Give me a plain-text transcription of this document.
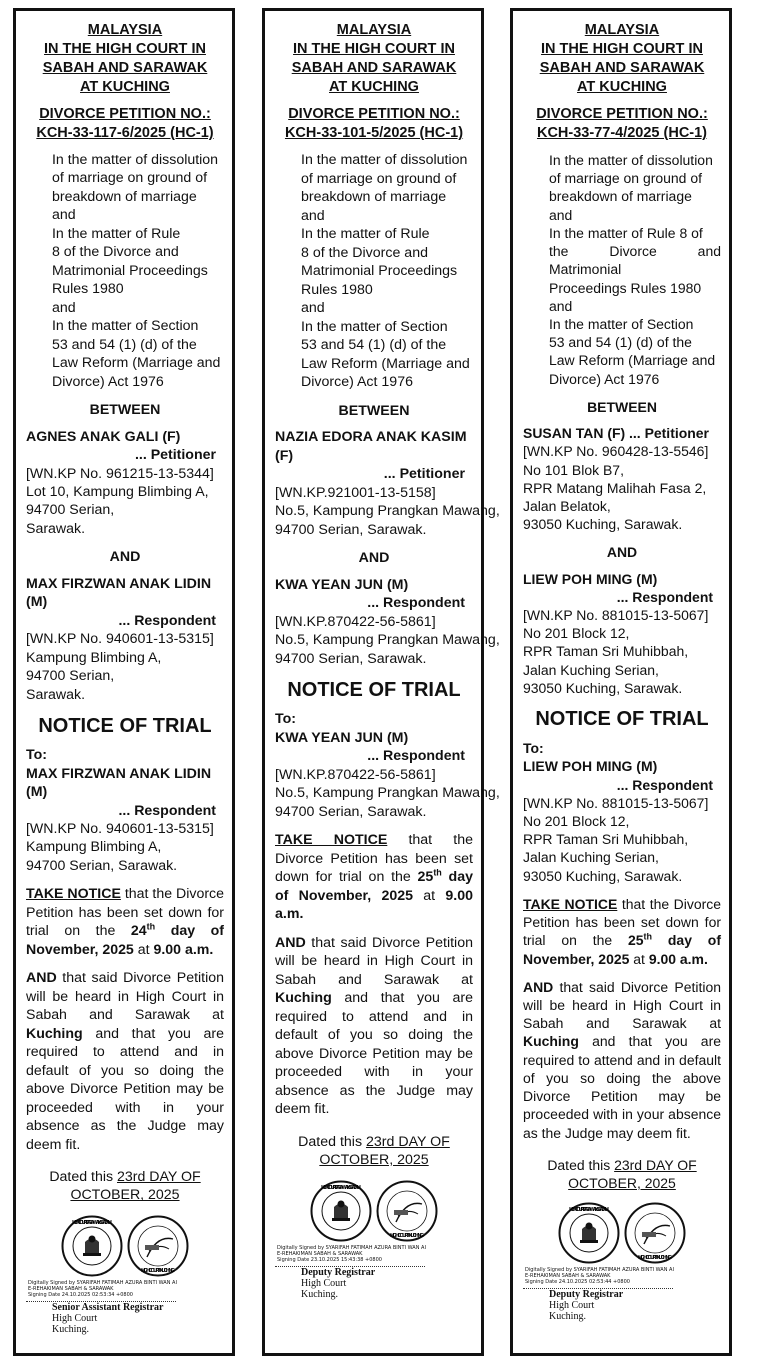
MALAYSIA
IN THE HIGH COURT IN
SABAH AND SARAWAK
AT KUCHING
DIVORCE PETITION NO.:
KCH-33-117-6/2025 (HC-1)
In the matter of dissolution
of marriage on ground of
breakdown of marriage
and
In the matter of Rule
8 of the Divorce and
Matrimonial Proceedings
Rules 1980
and
In the matter of Section
53 and 54 (1) (d) of the
Law Reform (Marriage and
Divorce) Act 1976
BETWEEN
AGNES ANAK GALI (F)
... Petitioner
[WN.KP No. 961215-13-5344]
Lot 10, Kampung Blimbing A,
94700 Serian,
Sarawak.
AND
MAX FIRZWAN ANAK LIDIN (M)
... Respondent
[WN.KP No. 940601-13-5315]
Kampung Blimbing A,
94700 Serian,
Sarawak.
NOTICE OF TRIAL
To:
MAX FIRZWAN ANAK LIDIN (M)
... Respondent
[WN.KP No. 940601-13-5315]
Kampung Blimbing A,
94700 Serian, Sarawak.
TAKE NOTICE that the Divorce Petition has been set down for trial on the 24th day of November, 2025 at 9.00 a.m.
AND that said Divorce Petition will be heard in High Court in Sabah and Sarawak at Kuching and that you are required to attend and in default of you so doing the above Divorce Petition may be proceeded with in your absence as the Judge may deem fit.
Dated this 23rd DAY OF OCTOBER, 2025
HIGH COURT · SARAWAK & SABAH
HIGH COURT · KUCHING
Digitally Signed by SYARIFAH FATIMAH AZURA BINTI WAN AI
E-REHAKIMAN SABAH & SARAWAK
Signing Date 24.10.2025 02:53:34 +0800
Senior Assistant Registrar
High Court
Kuching.
MALAYSIA
IN THE HIGH COURT IN
SABAH AND SARAWAK
AT KUCHING
DIVORCE PETITION NO.:
KCH-33-101-5/2025 (HC-1)
In the matter of dissolution
of marriage on ground of
breakdown of marriage
and
In the matter of Rule
8 of the Divorce and
Matrimonial Proceedings
Rules 1980
and
In the matter of Section
53 and 54 (1) (d) of the
Law Reform (Marriage and
Divorce) Act 1976
BETWEEN
NAZIA EDORA ANAK KASIM (F)
... Petitioner
[WN.KP.921001-13-5158]
No.5, Kampung Prangkan Mawang,
94700 Serian, Sarawak.
AND
KWA YEAN JUN (M)
... Respondent
[WN.KP.870422-56-5861]
No.5, Kampung Prangkan Mawang,
94700 Serian, Sarawak.
NOTICE OF TRIAL
To:
KWA YEAN JUN (M)
... Respondent
[WN.KP.870422-56-5861]
No.5, Kampung Prangkan Mawang,
94700 Serian, Sarawak.
TAKE NOTICE that the Divorce Petition has been set down for trial on the 25th day of November, 2025 at 9.00 a.m.
AND that said Divorce Petition will be heard in High Court in Sabah and Sarawak at Kuching and that you are required to attend and in default of you so doing the above Divorce Petition may be proceeded with in your absence as the Judge may deem fit.
Dated this 23rd DAY OF OCTOBER, 2025
HIGH COURT · SARAWAK & SABAH
HIGH COURT · KUCHING
Digitally Signed by SYARIFAH FATIMAH AZURA BINTI WAN AI
E-REHAKIMAN SABAH & SARAWAK
Signing Date 23.10.2025 15:43:38 +0800
Deputy Registrar
High Court
Kuching.
MALAYSIA
IN THE HIGH COURT IN
SABAH AND SARAWAK
AT KUCHING
DIVORCE PETITION NO.:
KCH-33-77-4/2025 (HC-1)
In the matter of dissolution
of marriage on ground of
breakdown of marriage
and
In the matter of Rule 8 of
the Divorce and Matrimonial
Proceedings Rules 1980
and
In the matter of Section
53 and 54 (1) (d) of the
Law Reform (Marriage and
Divorce) Act 1976
BETWEEN
SUSAN TAN (F) ... Petitioner
[WN.KP No. 960428-13-5546]
No 101 Blok B7,
RPR Matang Malihah Fasa 2,
Jalan Belatok,
93050 Kuching, Sarawak.
AND
LIEW POH MING (M)
... Respondent
[WN.KP No. 881015-13-5067]
No 201 Block 12,
RPR Taman Sri Muhibbah,
Jalan Kuching Serian,
93050 Kuching, Sarawak.
NOTICE OF TRIAL
To:
LIEW POH MING (M)
... Respondent
[WN.KP No. 881015-13-5067]
No 201 Block 12,
RPR Taman Sri Muhibbah,
Jalan Kuching Serian,
93050 Kuching, Sarawak.
TAKE NOTICE that the Divorce Petition has been set down for trial on the 25th day of November, 2025 at 9.00 a.m.
AND that said Divorce Petition will be heard in High Court in Sabah and Sarawak at Kuching and that you are required to attend and in default of you so doing the above Divorce Petition may be proceeded with in your absence as the Judge may deem fit.
Dated this 23rd DAY OF OCTOBER, 2025
HIGH COURT · SARAWAK & SABAH
HIGH COURT · KUCHING
Digitally Signed by SYARIFAH FATIMAH AZURA BINTI WAN AI
E-REHAKIMAN SABAH & SARAWAK
Signing Date 24.10.2025 02:53:44 +0800
Deputy Registrar
High Court
Kuching.
